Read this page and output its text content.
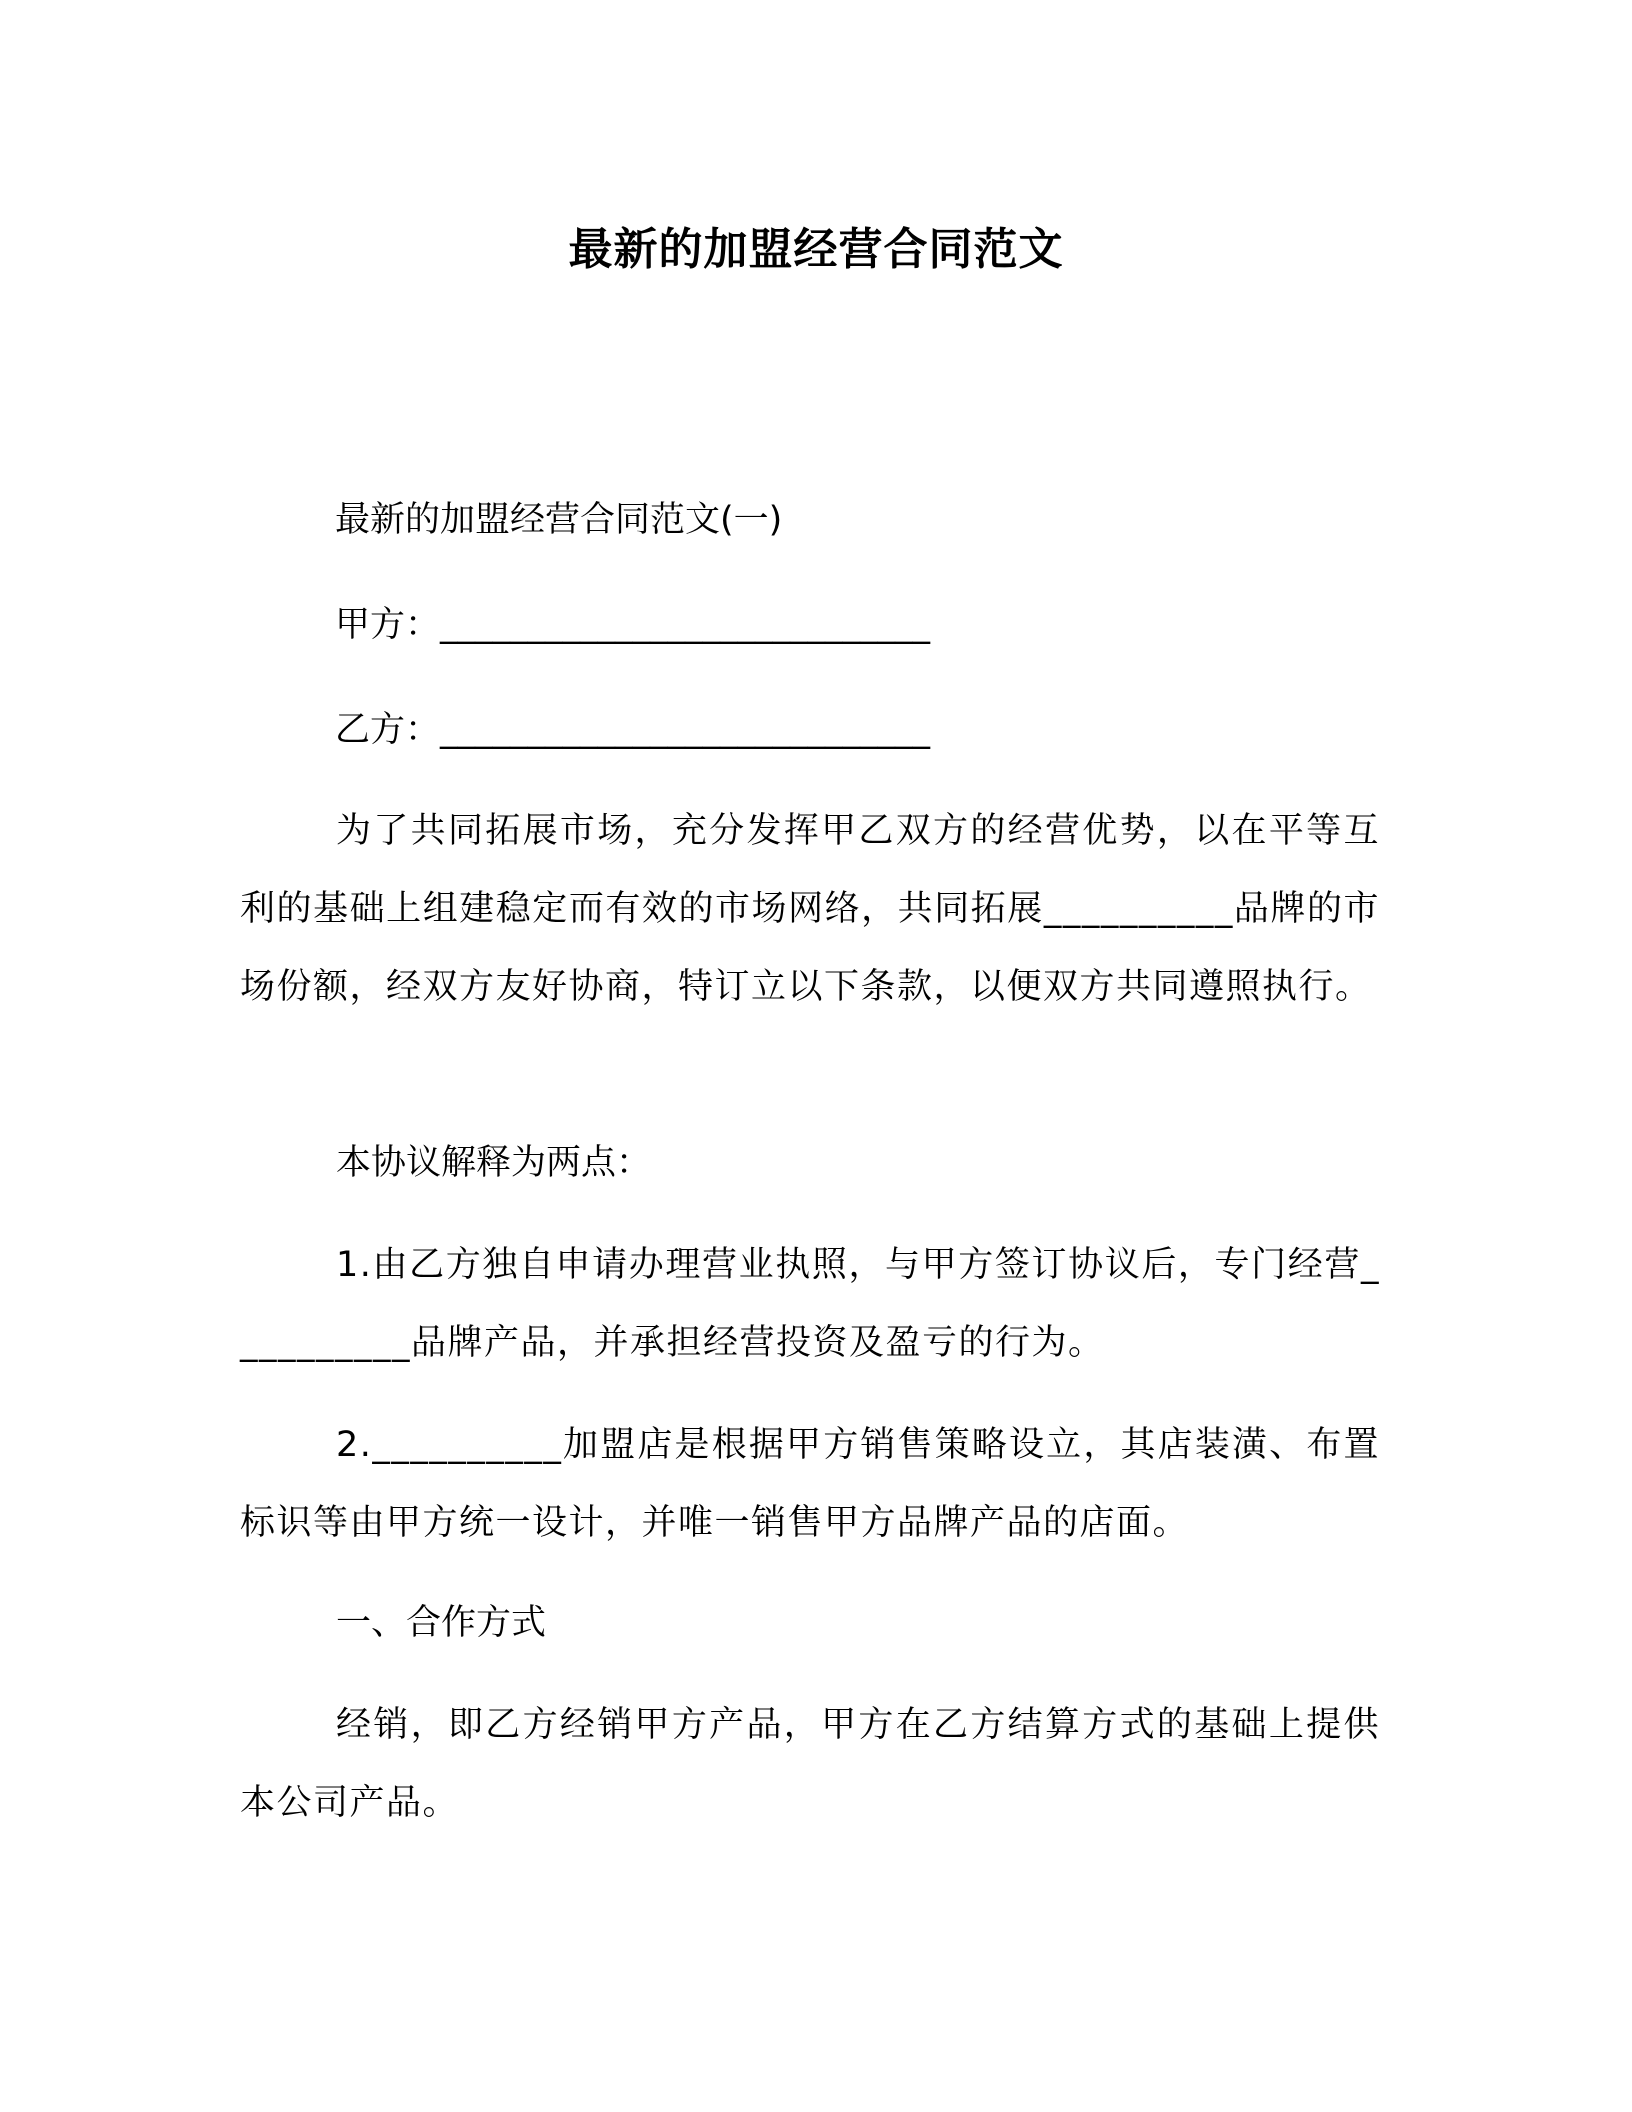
最新的加盟经营合同范文
最新的加盟经营合同范文(一)
甲方：____________________________
乙方：____________________________
为了共同拓展市场，充分发挥甲乙双方的经营优势，以在平等互利的基础上组建稳定而有效的市场网络，共同拓展__________品牌的市场份额，经双方友好协商，特订立以下条款，以便双方共同遵照执行。
本协议解释为两点：
1.由乙方独自申请办理营业执照，与甲方签订协议后，专门经营__________品牌产品，并承担经营投资及盈亏的行为。
2.__________加盟店是根据甲方销售策略设立，其店装潢、布置标识等由甲方统一设计，并唯一销售甲方品牌产品的店面。
一、合作方式
经销，即乙方经销甲方产品，甲方在乙方结算方式的基础上提供本公司产品。
